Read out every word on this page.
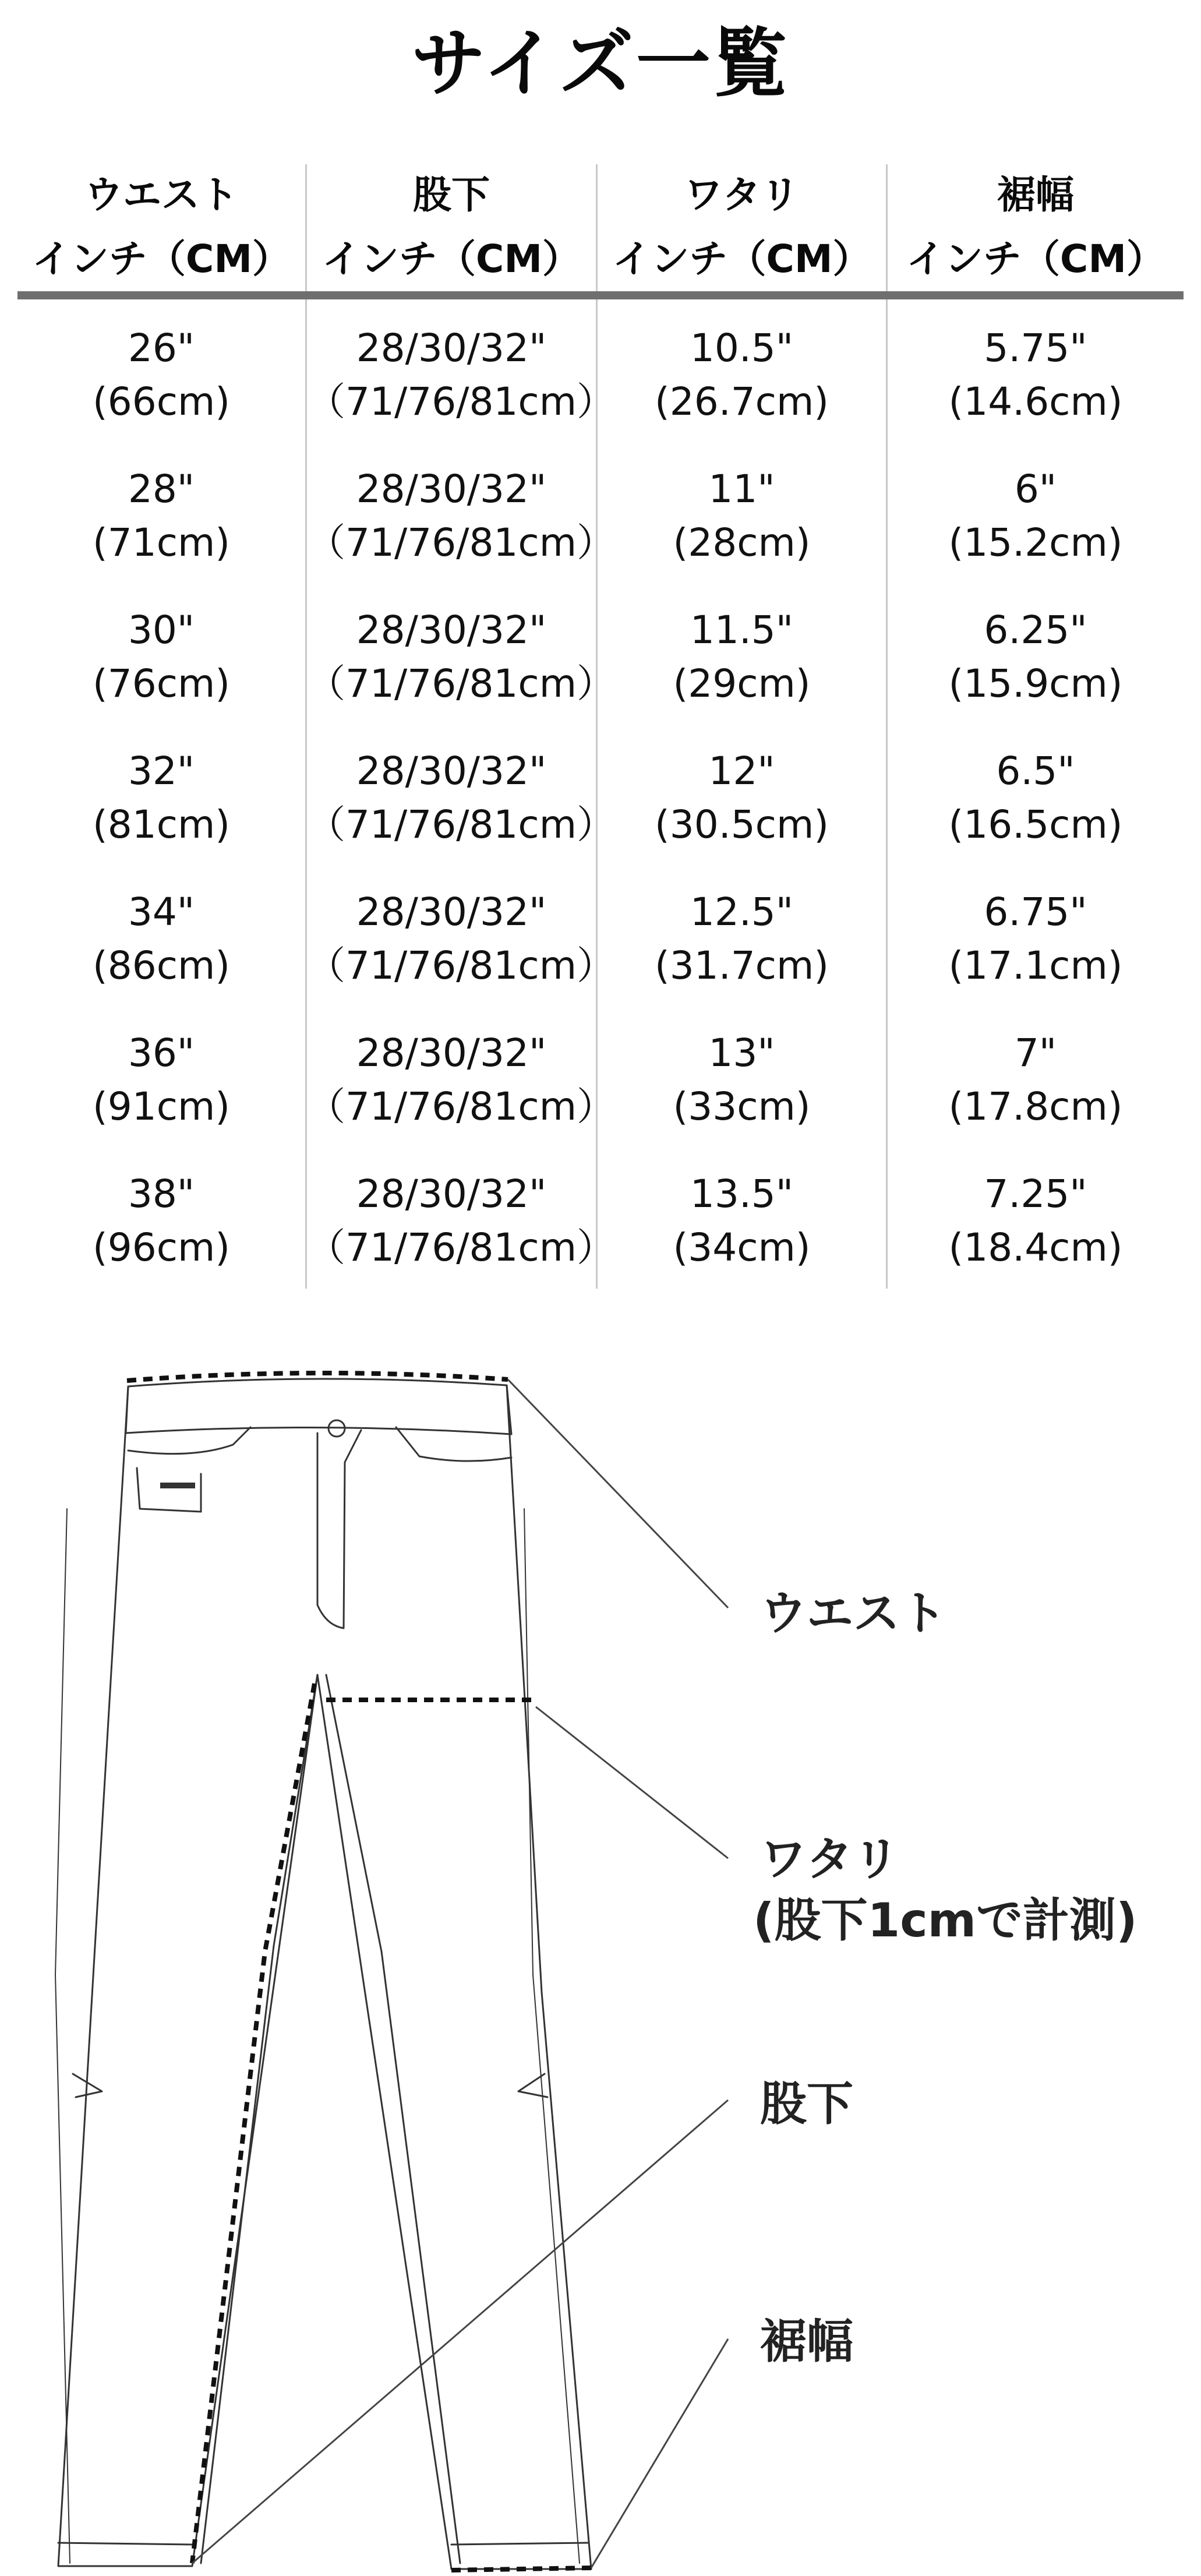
サイズ一覧
ウエスト
インチ（CM）
股下
インチ（CM）
ワタリ
インチ（CM）
裾幅
インチ（CM）
26"
(66cm)
28/30/32"
（71/76/81cm）
10.5"
(26.7cm)
5.75"
(14.6cm)
28"
(71cm)
28/30/32"
（71/76/81cm）
11"
(28cm)
6"
(15.2cm)
30"
(76cm)
28/30/32"
（71/76/81cm）
11.5"
(29cm)
6.25"
(15.9cm)
32"
(81cm)
28/30/32"
（71/76/81cm）
12"
(30.5cm)
6.5"
(16.5cm)
34"
(86cm)
28/30/32"
（71/76/81cm）
12.5"
(31.7cm)
6.75"
(17.1cm)
36"
(91cm)
28/30/32"
（71/76/81cm）
13"
(33cm)
7"
(17.8cm)
38"
(96cm)
28/30/32"
（71/76/81cm）
13.5"
(34cm)
7.25"
(18.4cm)
ウエスト
ワタリ
(股下1cmで計測)
股下
裾幅
